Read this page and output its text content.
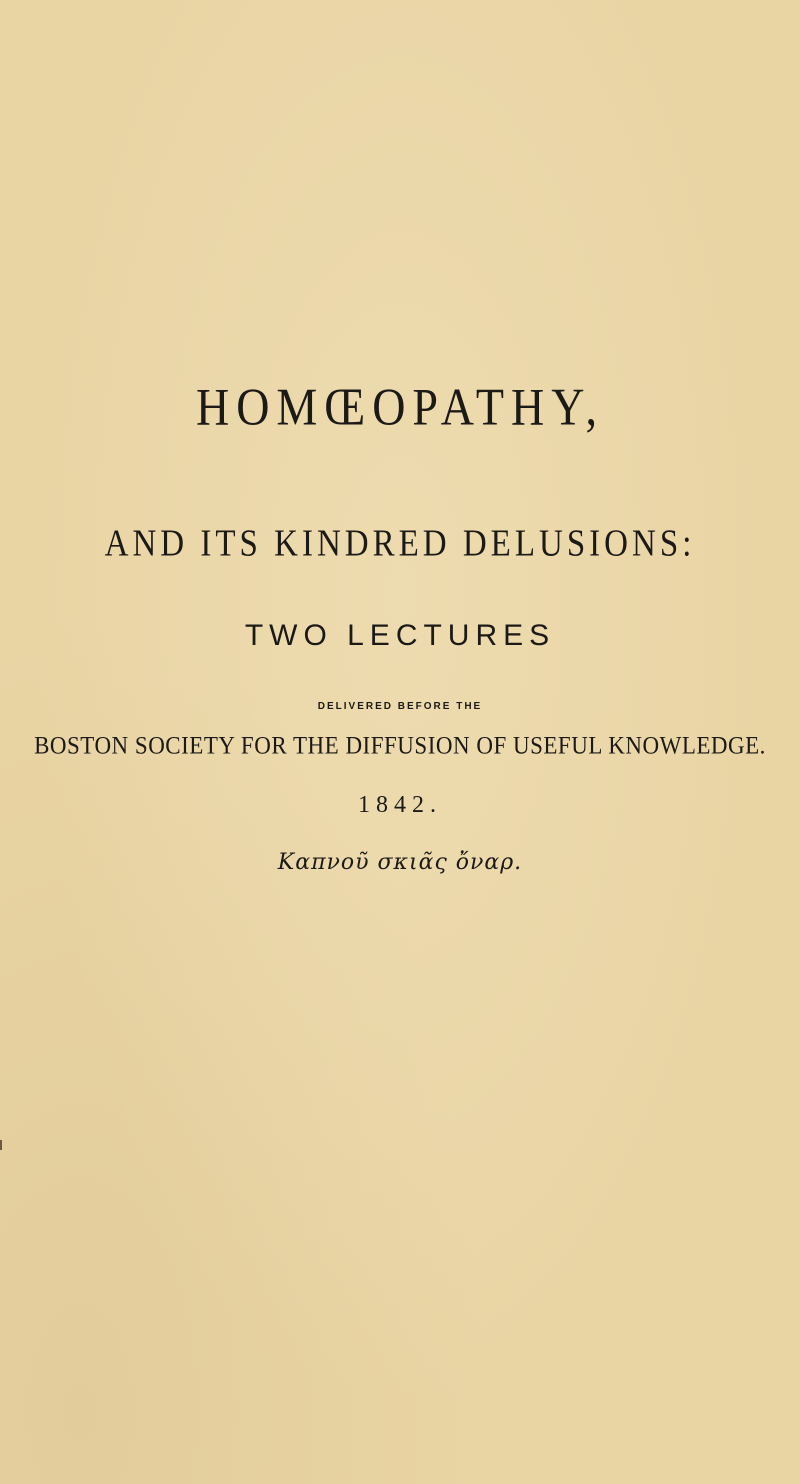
HOMŒOPATHY,
AND ITS KINDRED DELUSIONS:
TWO LECTURES
DELIVERED BEFORE THE
BOSTON SOCIETY FOR THE DIFFUSION OF USEFUL KNOWLEDGE.
1842.
Καπνοῦ σκιᾶς ὄναρ.
